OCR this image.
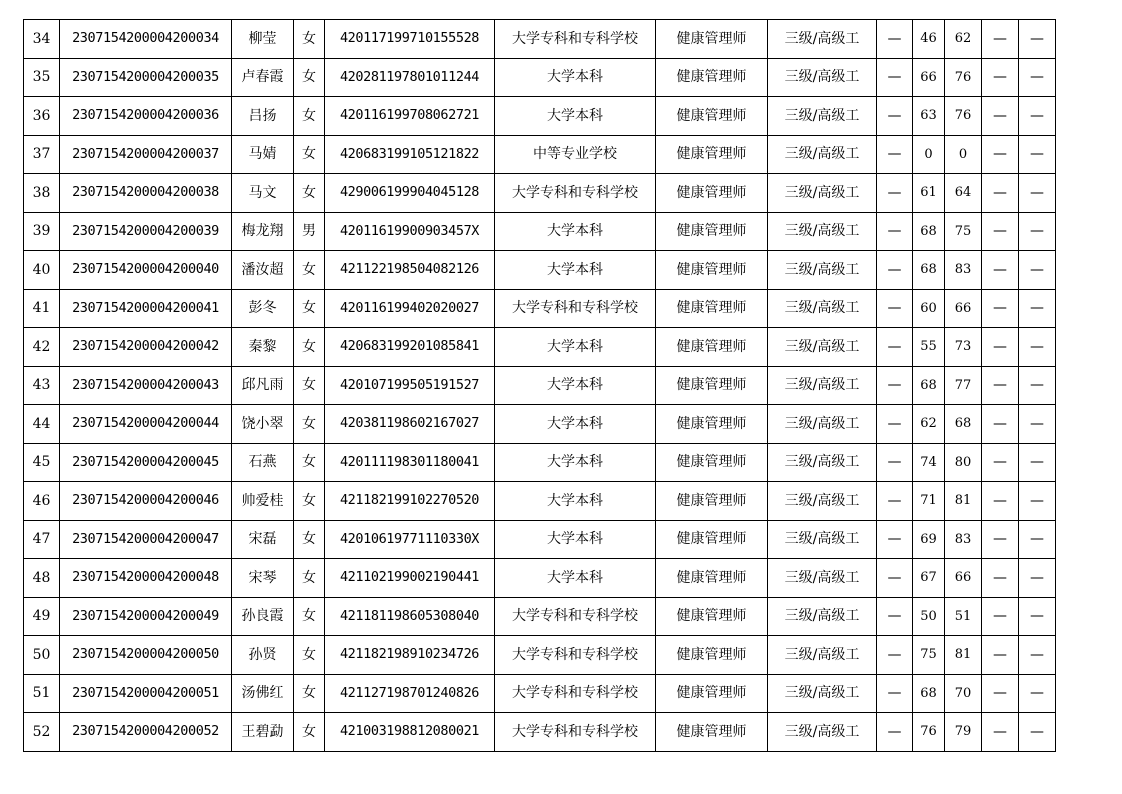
34	2307154200004200034	柳莹	女	420117199710155528	大学专科和专科学校	健康管理师	三级/高级工	—	46	62	—	—
35	2307154200004200035	卢春霞	女	420281197801011244	大学本科	健康管理师	三级/高级工	—	66	76	—	—
36	2307154200004200036	吕扬	女	420116199708062721	大学本科	健康管理师	三级/高级工	—	63	76	—	—
37	2307154200004200037	马婧	女	420683199105121822	中等专业学校	健康管理师	三级/高级工	—	0	0	—	—
38	2307154200004200038	马文	女	429006199904045128	大学专科和专科学校	健康管理师	三级/高级工	—	61	64	—	—
39	2307154200004200039	梅龙翔	男	42011619900903457X	大学本科	健康管理师	三级/高级工	—	68	75	—	—
40	2307154200004200040	潘汝超	女	421122198504082126	大学本科	健康管理师	三级/高级工	—	68	83	—	—
41	2307154200004200041	彭冬	女	420116199402020027	大学专科和专科学校	健康管理师	三级/高级工	—	60	66	—	—
42	2307154200004200042	秦黎	女	420683199201085841	大学本科	健康管理师	三级/高级工	—	55	73	—	—
43	2307154200004200043	邱凡雨	女	420107199505191527	大学本科	健康管理师	三级/高级工	—	68	77	—	—
44	2307154200004200044	饶小翠	女	420381198602167027	大学本科	健康管理师	三级/高级工	—	62	68	—	—
45	2307154200004200045	石燕	女	420111198301180041	大学本科	健康管理师	三级/高级工	—	74	80	—	—
46	2307154200004200046	帅爱桂	女	421182199102270520	大学本科	健康管理师	三级/高级工	—	71	81	—	—
47	2307154200004200047	宋磊	女	42010619771110330X	大学本科	健康管理师	三级/高级工	—	69	83	—	—
48	2307154200004200048	宋琴	女	421102199002190441	大学本科	健康管理师	三级/高级工	—	67	66	—	—
49	2307154200004200049	孙良霞	女	421181198605308040	大学专科和专科学校	健康管理师	三级/高级工	—	50	51	—	—
50	2307154200004200050	孙贤	女	421182198910234726	大学专科和专科学校	健康管理师	三级/高级工	—	75	81	—	—
51	2307154200004200051	汤佛红	女	421127198701240826	大学专科和专科学校	健康管理师	三级/高级工	—	68	70	—	—
52	2307154200004200052	王碧勐	女	421003198812080021	大学专科和专科学校	健康管理师	三级/高级工	—	76	79	—	—
